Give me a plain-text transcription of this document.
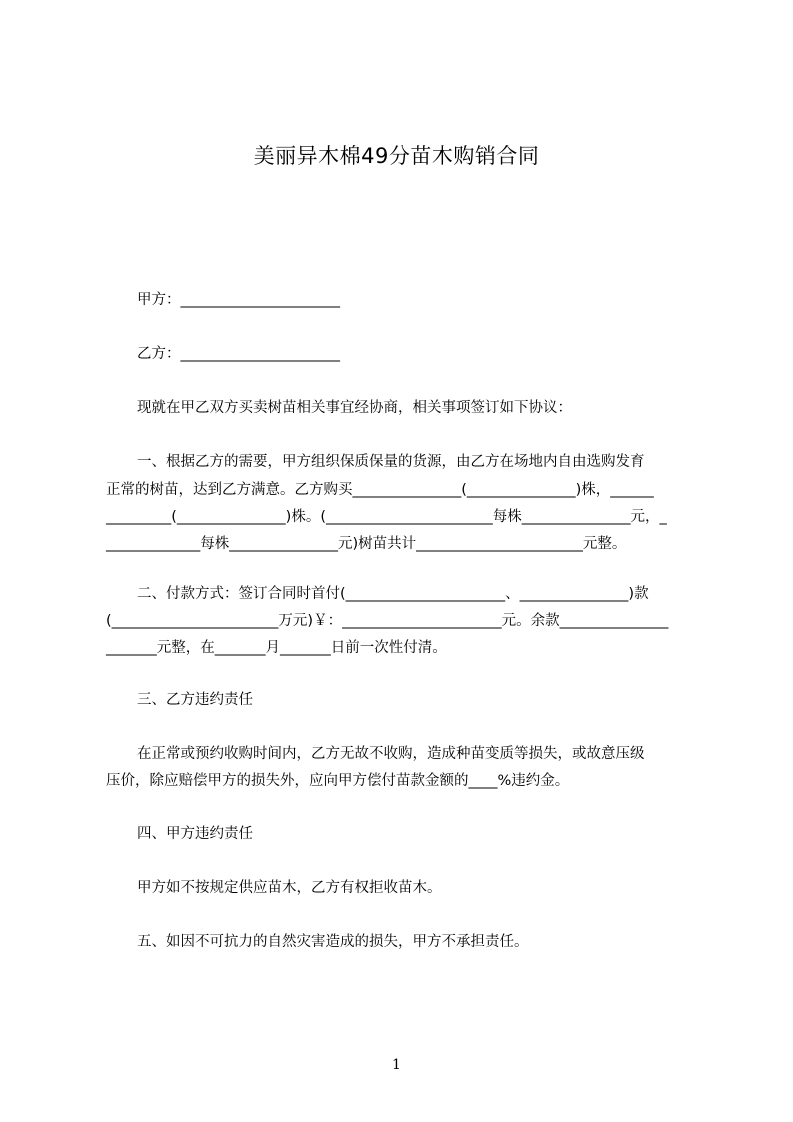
美丽异木棉49分苗木购销合同
甲方：______________________
乙方：______________________
现就在甲乙双方买卖树苗相关事宜经协商，相关事项签订如下协议：
一、根据乙方的需要，甲方组织保质保量的货源，由乙方在场地内自由选购发育
正常的树苗，达到乙方满意。乙方购买_______________(_______________)株，______
_________(_______________)株。(_______________________每株_______________元，_
_____________每株_______________元)树苗共计_______________________元整。
二、付款方式：签订合同时首付(______________________、_______________)款
(_______________________万元)￥：______________________元。余款_______________
_______元整，在_______月_______日前一次性付清。
三、乙方违约责任
在正常或预约收购时间内，乙方无故不收购，造成种苗变质等损失，或故意压级
压价，除应赔偿甲方的损失外，应向甲方偿付苗款金额的____%违约金。
四、甲方违约责任
甲方如不按规定供应苗木，乙方有权拒收苗木。
五、如因不可抗力的自然灾害造成的损失，甲方不承担责任。
1
